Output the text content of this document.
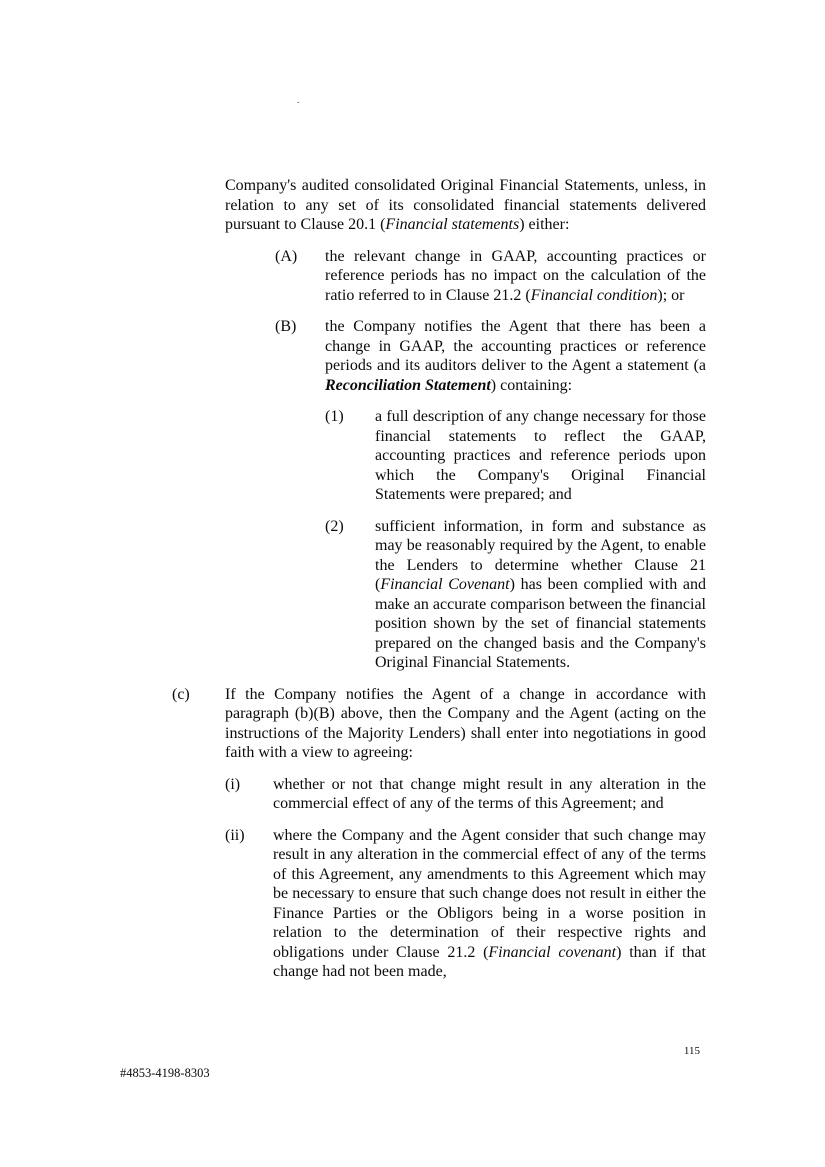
.
Company's audited consolidated Original Financial Statements, unless, in relation to any set of its consolidated financial statements delivered pursuant to Clause 20.1 (Financial statements) either:
(A)	the relevant change in GAAP, accounting practices or reference periods has no impact on the calculation of the ratio referred to in Clause 21.2 (Financial condition); or
(B)	the Company notifies the Agent that there has been a change in GAAP, the accounting practices or reference periods and its auditors deliver to the Agent a statement (a Reconciliation Statement) containing:
(1)	a full description of any change necessary for those financial statements to reflect the GAAP, accounting practices and reference periods upon which the Company's Original Financial Statements were prepared; and
(2)	sufficient information, in form and substance as may be reasonably required by the Agent, to enable the Lenders to determine whether Clause 21 (Financial Covenant) has been complied with and make an accurate comparison between the financial position shown by the set of financial statements prepared on the changed basis and the Company's Original Financial Statements.
(c)	If the Company notifies the Agent of a change in accordance with paragraph (b)(B) above, then the Company and the Agent (acting on the instructions of the Majority Lenders) shall enter into negotiations in good faith with a view to agreeing:
(i)	whether or not that change might result in any alteration in the commercial effect of any of the terms of this Agreement; and
(ii)	where the Company and the Agent consider that such change may result in any alteration in the commercial effect of any of the terms of this Agreement, any amendments to this Agreement which may be necessary to ensure that such change does not result in either the Finance Parties or the Obligors being in a worse position in relation to the determination of their respective rights and obligations under Clause 21.2 (Financial covenant) than if that change had not been made,
115
#4853-4198-8303
